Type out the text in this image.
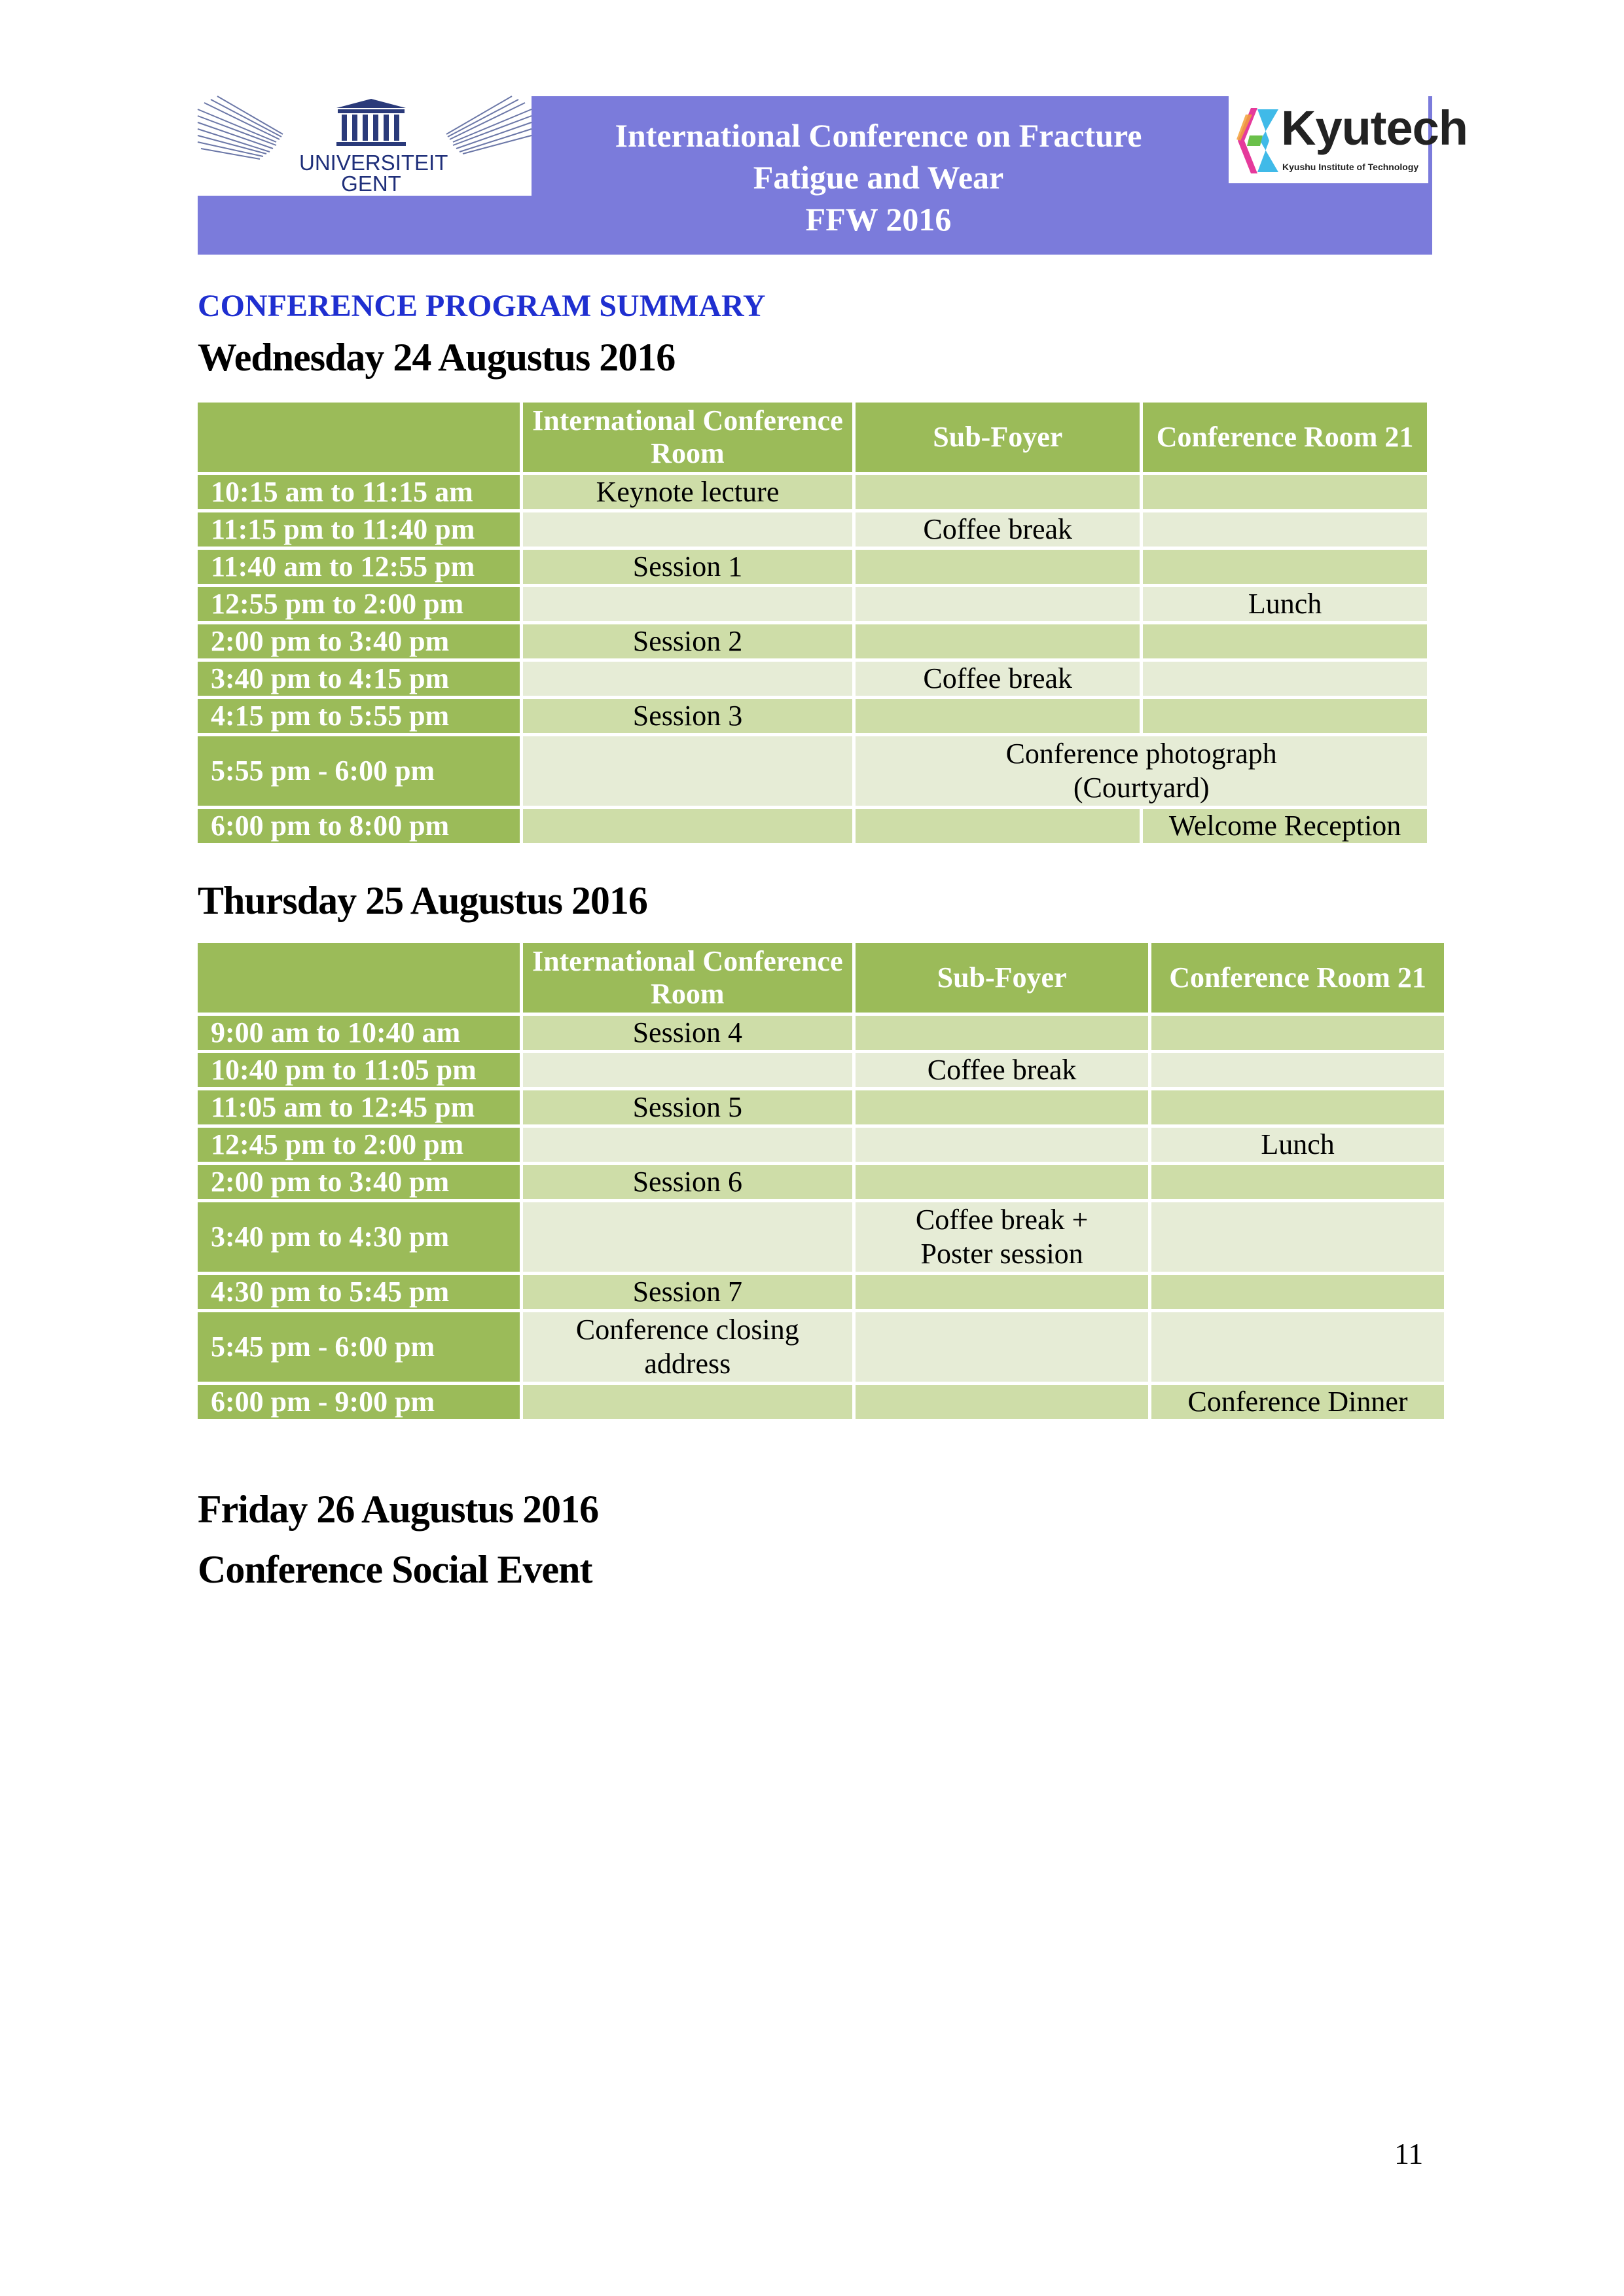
UNIVERSITEIT
GENT
International Conference on Fracture
Fatigue and Wear
FFW 2016
Kyutech
Kyushu Institute of Technology
CONFERENCE PROGRAM SUMMARY
Wednesday 24 Augustus 2016
	International Conference Room	Sub-Foyer	Conference Room 21
10:15 am to 11:15 am	Keynote lecture		
11:15 pm to 11:40 pm		Coffee break	
11:40 am to 12:55 pm	Session 1		
12:55 pm to 2:00 pm			Lunch
2:00 pm to 3:40 pm	Session 2		
3:40 pm to 4:15 pm		Coffee break	
4:15 pm to 5:55 pm	Session 3		
5:55 pm - 6:00 pm		Conference photograph (Courtyard)	
6:00 pm to 8:00 pm			Welcome Reception
Thursday 25 Augustus 2016
	International Conference Room	Sub-Foyer	Conference Room 21
9:00 am to 10:40 am	Session 4		
10:40 pm to 11:05 pm		Coffee break	
11:05 am to 12:45 pm	Session 5		
12:45 pm to 2:00 pm			Lunch
2:00 pm to 3:40 pm	Session 6		
3:40 pm to 4:30 pm		Coffee break + Poster session	
4:30 pm to 5:45 pm	Session 7		
5:45 pm - 6:00 pm	Conference closing address		
6:00 pm - 9:00 pm			Conference Dinner
Friday 26 Augustus 2016
Conference Social Event
11
